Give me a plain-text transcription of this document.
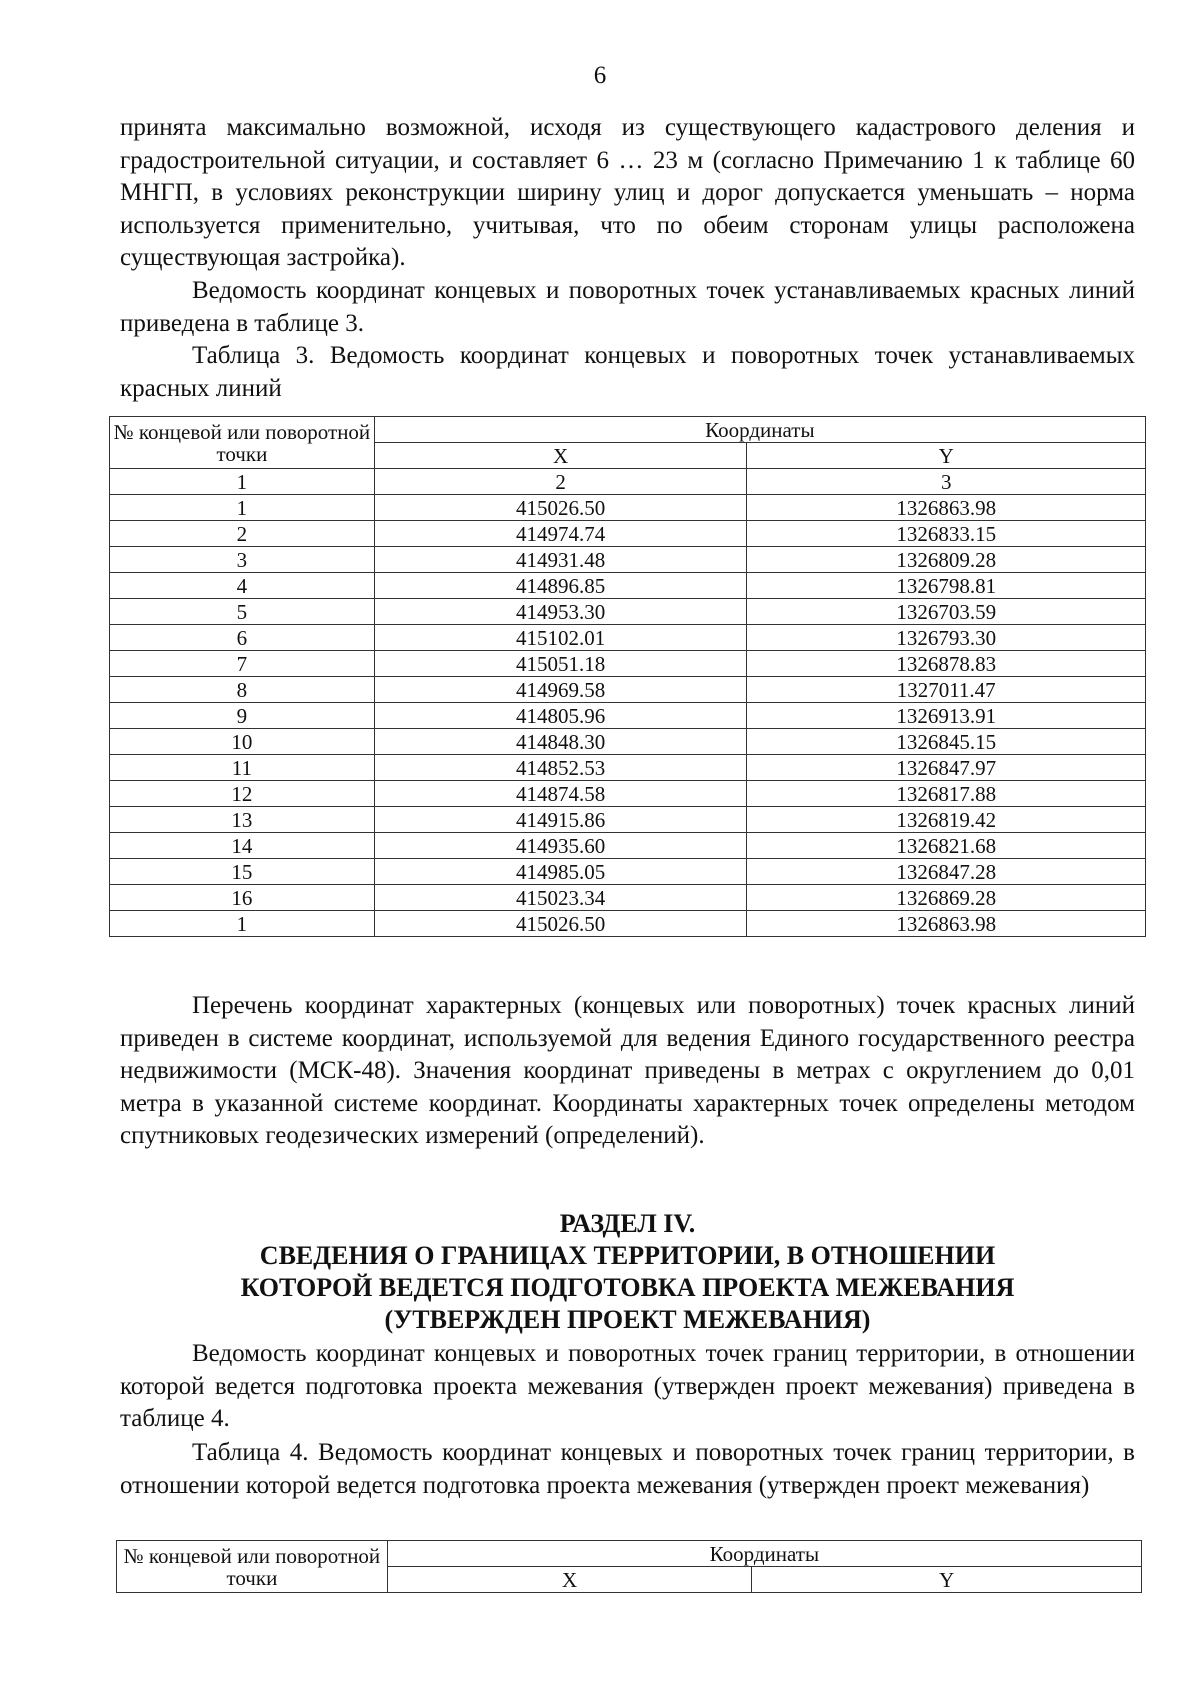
6

принята максимально возможной, исходя из существующего кадастрового деления и градостроительной ситуации, и составляет 6 … 23 м (согласно Примечанию 1 к таблице 60 МНГП, в условиях реконструкции ширину улиц и дорог допускается уменьшать – норма используется применительно, учитывая, что по обеим сторонам улицы расположена существующая застройка).

Ведомость координат концевых и поворотных точек устанавливаемых красных линий приведена в таблице 3.

Таблица 3. Ведомость координат концевых и поворотных точек устанавливаемых красных линий

№ концевой или поворотной точки	Координаты	
	X	Y
1	2	3
1	415026.50	1326863.98
2	414974.74	1326833.15
3	414931.48	1326809.28
4	414896.85	1326798.81
5	414953.30	1326703.59
6	415102.01	1326793.30
7	415051.18	1326878.83
8	414969.58	1327011.47
9	414805.96	1326913.91
10	414848.30	1326845.15
11	414852.53	1326847.97
12	414874.58	1326817.88
13	414915.86	1326819.42
14	414935.60	1326821.68
15	414985.05	1326847.28
16	415023.34	1326869.28
1	415026.50	1326863.98

Перечень координат характерных (концевых или поворотных) точек красных линий приведен в системе координат, используемой для ведения Единого государственного реестра недвижимости (МСК-48). Значения координат приведены в метрах с округлением до 0,01 метра в указанной системе координат. Координаты характерных точек определены методом спутниковых геодезических измерений (определений).

РАЗДЕЛ IV.

СВЕДЕНИЯ О ГРАНИЦАХ ТЕРРИТОРИИ, В ОТНОШЕНИИ

КОТОРОЙ ВЕДЕТСЯ ПОДГОТОВКА ПРОЕКТА МЕЖЕВАНИЯ

(УТВЕРЖДЕН ПРОЕКТ МЕЖЕВАНИЯ)

Ведомость координат концевых и поворотных точек границ территории, в отношении которой ведется подготовка проекта межевания (утвержден проект межевания) приведена в таблице 4.

Таблица 4. Ведомость координат концевых и поворотных точек границ территории, в отношении которой ведется подготовка проекта межевания (утвержден проект межевания)

№ концевой или поворотной точки	Координаты	
	X	Y
